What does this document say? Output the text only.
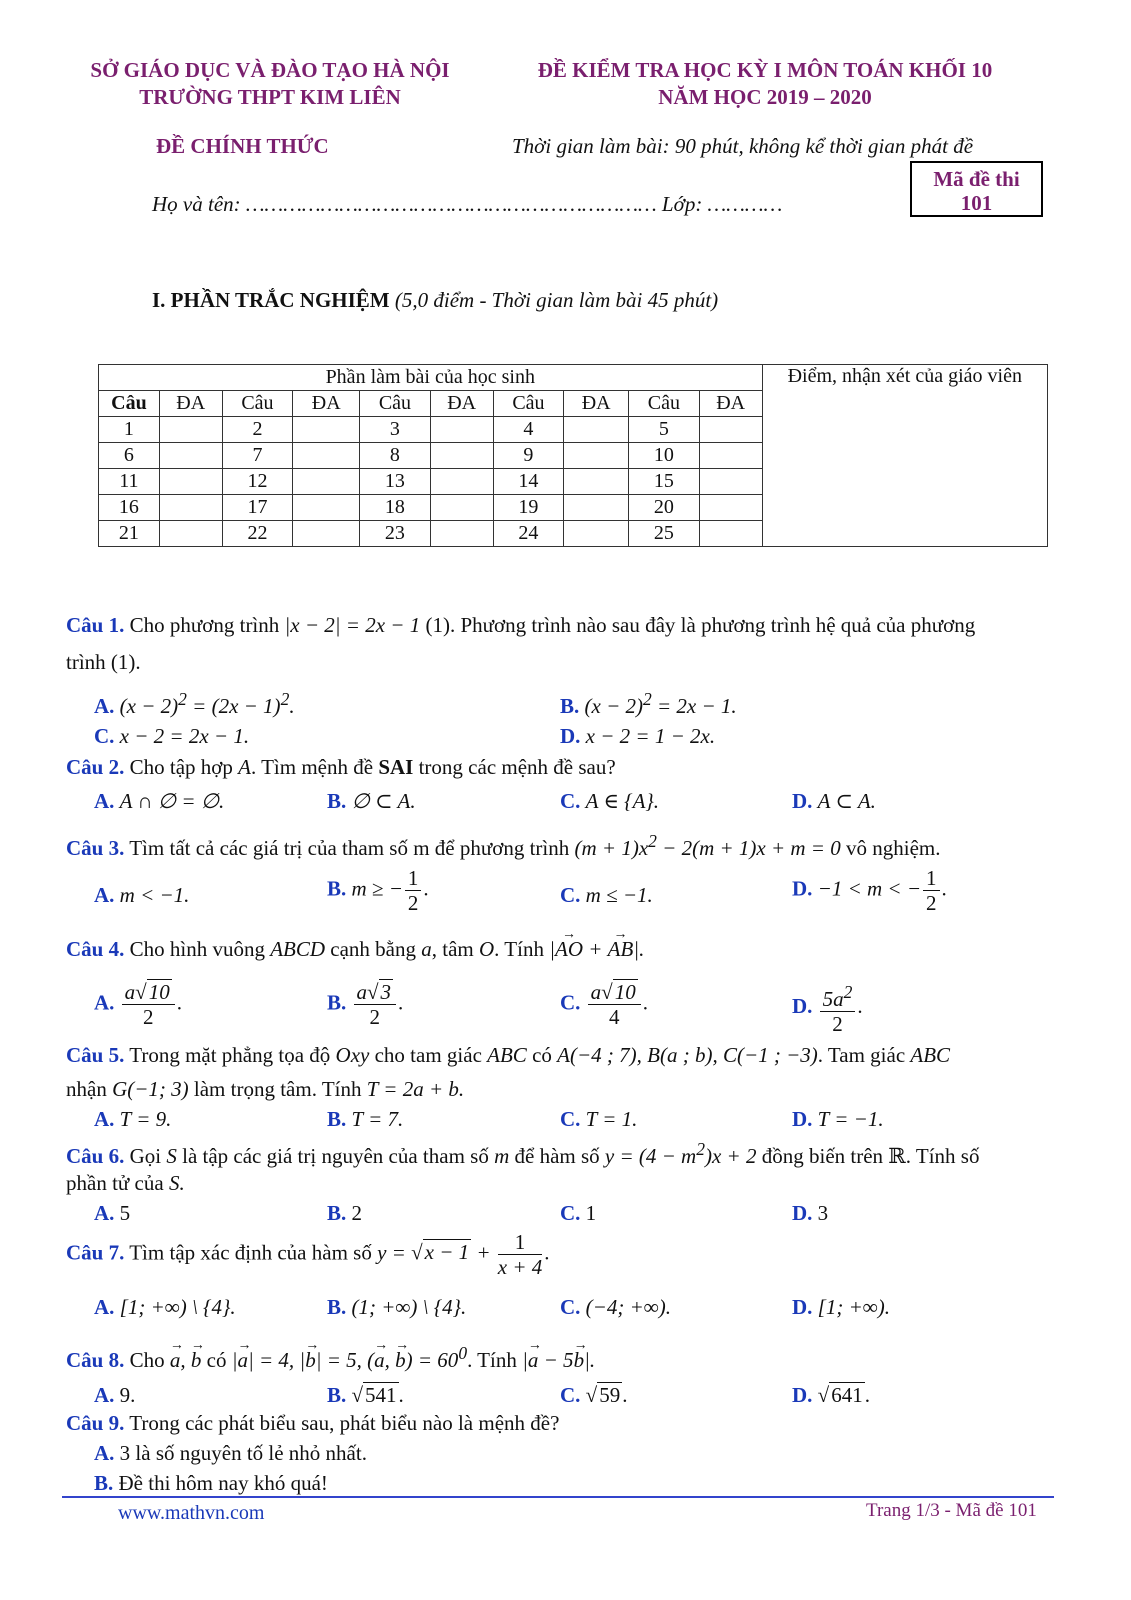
SỞ GIÁO DỤC VÀ ĐÀO TẠO HÀ NỘI
TRƯỜNG THPT KIM LIÊN
ĐỀ KIỂM TRA HỌC KỲ I MÔN TOÁN KHỐI 10
NĂM HỌC 2019 – 2020
ĐỀ CHÍNH THỨC	Thời gian làm bài: 90 phút, không kể thời gian phát đề
Họ và tên: ………………………………………………………… Lớp: …………
Mã đề thi
101
I. PHẦN TRẮC NGHIỆM (5,0 điểm - Thời gian làm bài 45 phút)
Phần làm bài của học sinh										Điểm, nhận xét của giáo viên
Câu	ĐA	Câu	ĐA	Câu	ĐA	Câu	ĐA	Câu	ĐA	
1		2		3		4		5		
6		7		8		9		10		
11		12		13		14		15		
16		17		18		19		20		
21		22		23		24		25		
Câu 1. Cho phương trình |x − 2| = 2x − 1 (1). Phương trình nào sau đây là phương trình hệ quả của phương
trình (1).
A. $(x - 2)^2 = (2x - 1)^2$.	B. $(x - 2)^2 = 2x - 1$.
C. x − 2 = 2x − 1.	D. x − 2 = 1 − 2x.
Câu 2. Cho tập hợp A. Tìm mệnh đề SAI trong các mệnh đề sau?
A. A ∩ ∅ = ∅.	B. ∅ ⊂ A.	C. A ∈ {A}.	D. A ⊂ A.
Câu 3. Tìm tất cả các giá trị của tham số m để phương trình $(m + 1)x^2 - 2(m + 1)x + m = 0$ vô nghiệm.
A. m < −1.	B. m ≥ − $\frac{1}{2}$ .	C. m ≤ −1.	D. −1 < m < − $\frac{1}{2}$ .
Câu 4. Cho hình vuông ABCD cạnh bằng a, tâm O. Tính |→ AO + → AB|.
A. $\frac{a√10}{2}$ .	B. $\frac{a√3}{2}$ .	C. $\frac{a√10}{4}$ .	D. $\frac{5a^2}{2}$ .
Câu 5. Trong mặt phẳng tọa độ Oxy cho tam giác ABC có A(−4 ; 7), B(a ; b), C(−1 ; −3). Tam giác ABC
nhận G(−1; 3) làm trọng tâm. Tính T = 2a + b.
A. T = 9.	B. T = 7.	C. T = 1.	D. T = −1.
Câu 6. Gọi S là tập các giá trị nguyên của tham số m để hàm số $y = (4 - m^2)x + 2$ đồng biến trên ℝ. Tính số
phần tử của S.
A. 5	B. 2	C. 1	D. 3
Câu 7. Tìm tập xác định của hàm số $y = √x - 1 + \frac{1}{x + 4}$ .
A. [1; +∞) \ {4}.	B. (1; +∞) \ {4}.	C. (−4; +∞).	D. [1; +∞).
Câu 8. Cho → a, → b có |→ a| = 4, |→ b| = 5, (→ a, → $b) = 60^0$. Tính |→ a − 5→ b|.
A. 9.	B. √541.	C. √59.	D. √641.
Câu 9. Trong các phát biểu sau, phát biểu nào là mệnh đề?
A. 3 là số nguyên tố lẻ nhỏ nhất.
B. Đề thi hôm nay khó quá!
www.mathvn.com	Trang 1/3 - Mã đề 101
